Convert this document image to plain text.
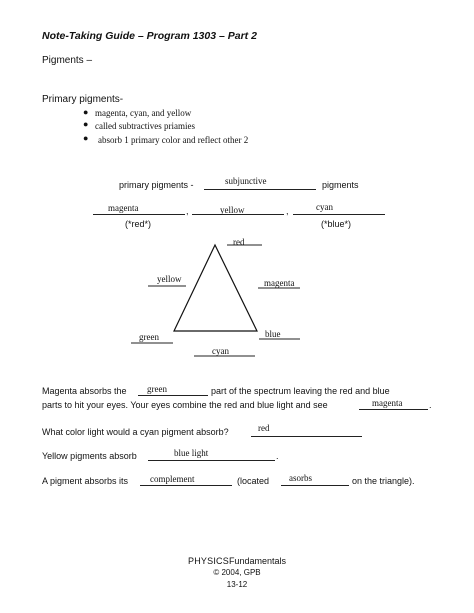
Note-Taking Guide – Program 1303 – Part 2
Pigments –
Primary pigments-
● magenta, cyan, and yellow
● called subtractives priamies
● absorb 1 primary color and reflect other 2
primary pigments -	subjunctive	pigments
magenta	,	yellow	,	cyan
(*red*)	(*blue*)
red
yellow	magenta
green	blue
cyan
Magenta absorbs the green	part of the spectrum leaving the red and blue
parts to hit your eyes. Your eyes combine the red and blue light and see	magenta	.
What color light would a cyan pigment absorb?	red
Yellow pigments absorb	blue light	.
A pigment absorbs its complement	(located asorbs	on the triangle).
PHYSICSFundamentals
© 2004, GPB
13-12
